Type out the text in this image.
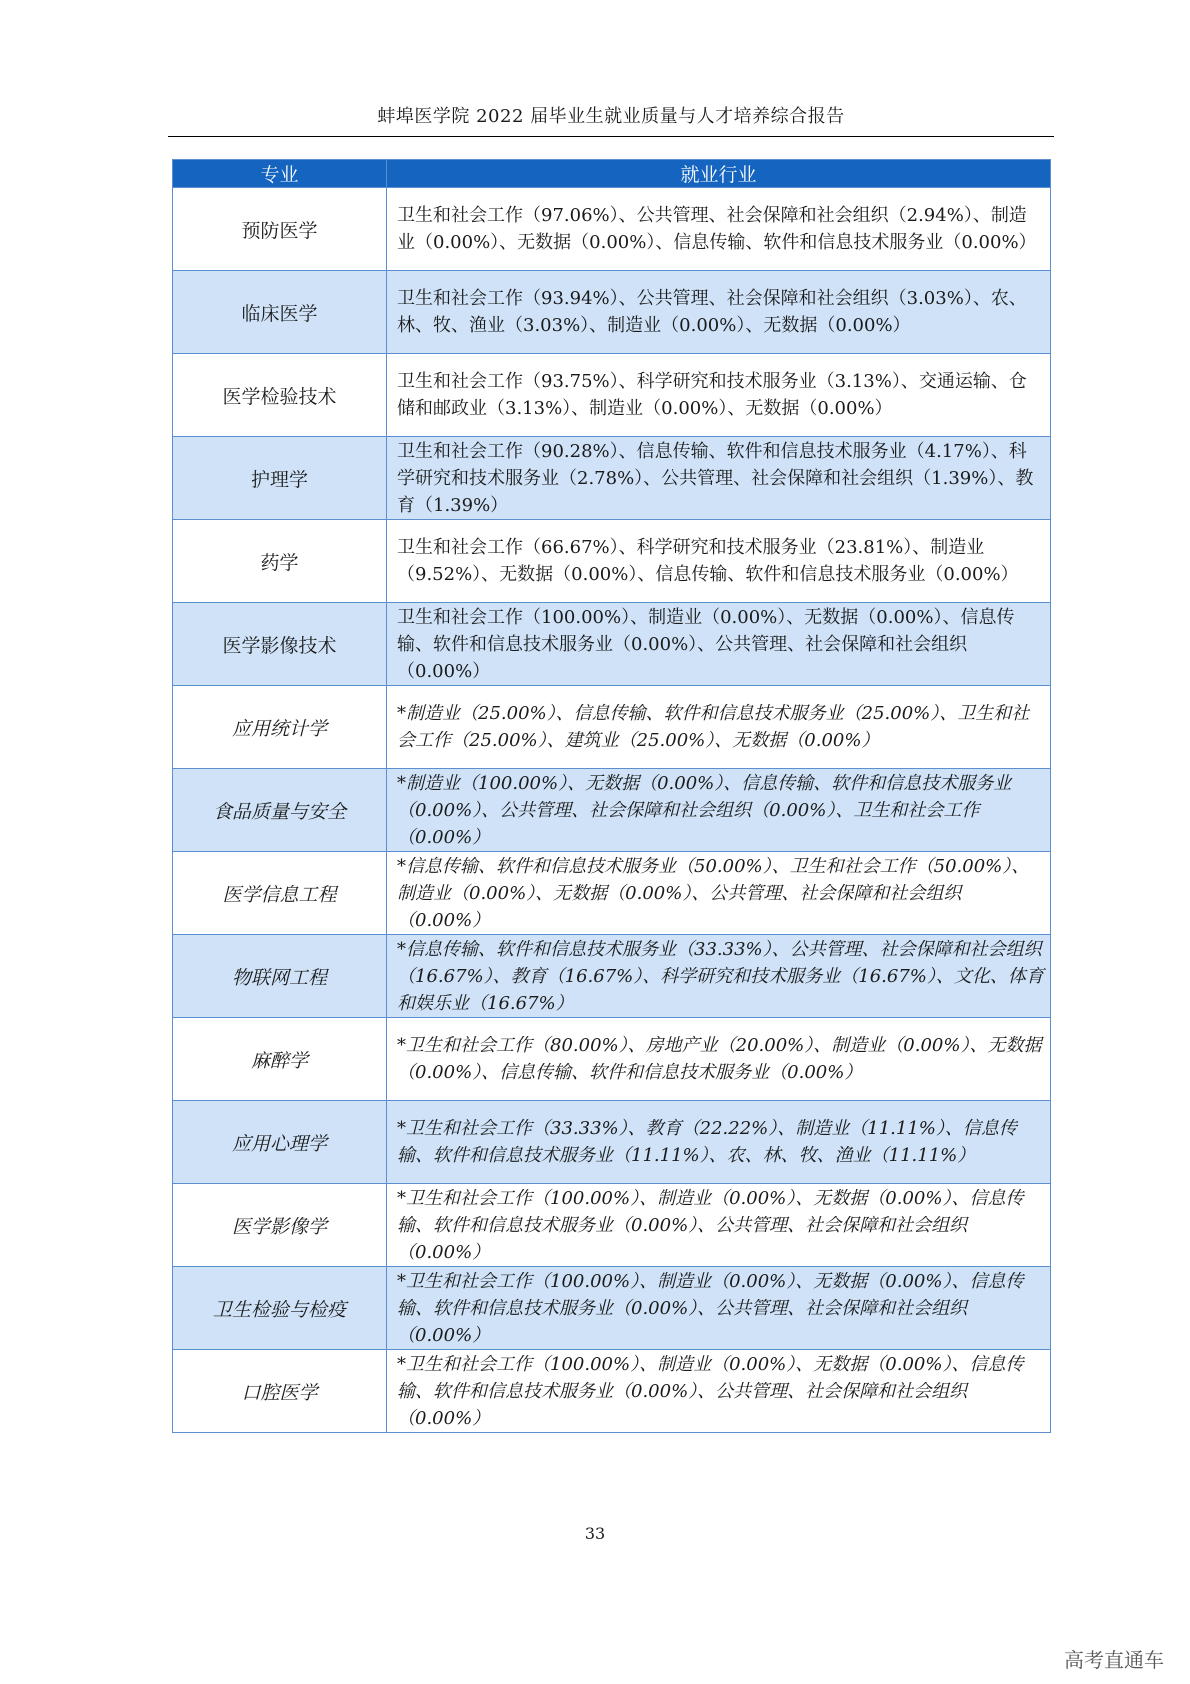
蚌埠医学院 2022 届毕业生就业质量与人才培养综合报告
专业	就业行业
预防医学	卫生和社会工作（97.06%）、公共管理、社会保障和社会组织（2.94%）、制造业（0.00%）、无数据（0.00%）、信息传输、软件和信息技术服务业（0.00%）
临床医学	卫生和社会工作（93.94%）、公共管理、社会保障和社会组织（3.03%）、农、林、牧、渔业（3.03%）、制造业（0.00%）、无数据（0.00%）
医学检验技术	卫生和社会工作（93.75%）、科学研究和技术服务业（3.13%）、交通运输、仓储和邮政业（3.13%）、制造业（0.00%）、无数据（0.00%）
护理学	卫生和社会工作（90.28%）、信息传输、软件和信息技术服务业（4.17%）、科学研究和技术服务业（2.78%）、公共管理、社会保障和社会组织（1.39%）、教育（1.39%）
药学	卫生和社会工作（66.67%）、科学研究和技术服务业（23.81%）、制造业（9.52%）、无数据（0.00%）、信息传输、软件和信息技术服务业（0.00%）
医学影像技术	卫生和社会工作（100.00%）、制造业（0.00%）、无数据（0.00%）、信息传输、软件和信息技术服务业（0.00%）、公共管理、社会保障和社会组织（0.00%）
应用统计学	*制造业（25.00%）、信息传输、软件和信息技术服务业（25.00%）、卫生和社会工作（25.00%）、建筑业（25.00%）、无数据（0.00%）
食品质量与安全	*制造业（100.00%）、无数据（0.00%）、信息传输、软件和信息技术服务业（0.00%）、公共管理、社会保障和社会组织（0.00%）、卫生和社会工作（0.00%）
医学信息工程	*信息传输、软件和信息技术服务业（50.00%）、卫生和社会工作（50.00%）、制造业（0.00%）、无数据（0.00%）、公共管理、社会保障和社会组织（0.00%）
物联网工程	*信息传输、软件和信息技术服务业（33.33%）、公共管理、社会保障和社会组织（16.67%）、教育（16.67%）、科学研究和技术服务业（16.67%）、文化、体育和娱乐业（16.67%）
麻醉学	*卫生和社会工作（80.00%）、房地产业（20.00%）、制造业（0.00%）、无数据（0.00%）、信息传输、软件和信息技术服务业（0.00%）
应用心理学	*卫生和社会工作（33.33%）、教育（22.22%）、制造业（11.11%）、信息传输、软件和信息技术服务业（11.11%）、农、林、牧、渔业（11.11%）
医学影像学	*卫生和社会工作（100.00%）、制造业（0.00%）、无数据（0.00%）、信息传输、软件和信息技术服务业（0.00%）、公共管理、社会保障和社会组织（0.00%）
卫生检验与检疫	*卫生和社会工作（100.00%）、制造业（0.00%）、无数据（0.00%）、信息传输、软件和信息技术服务业（0.00%）、公共管理、社会保障和社会组织（0.00%）
口腔医学	*卫生和社会工作（100.00%）、制造业（0.00%）、无数据（0.00%）、信息传输、软件和信息技术服务业（0.00%）、公共管理、社会保障和社会组织（0.00%）
33
高考直通车
